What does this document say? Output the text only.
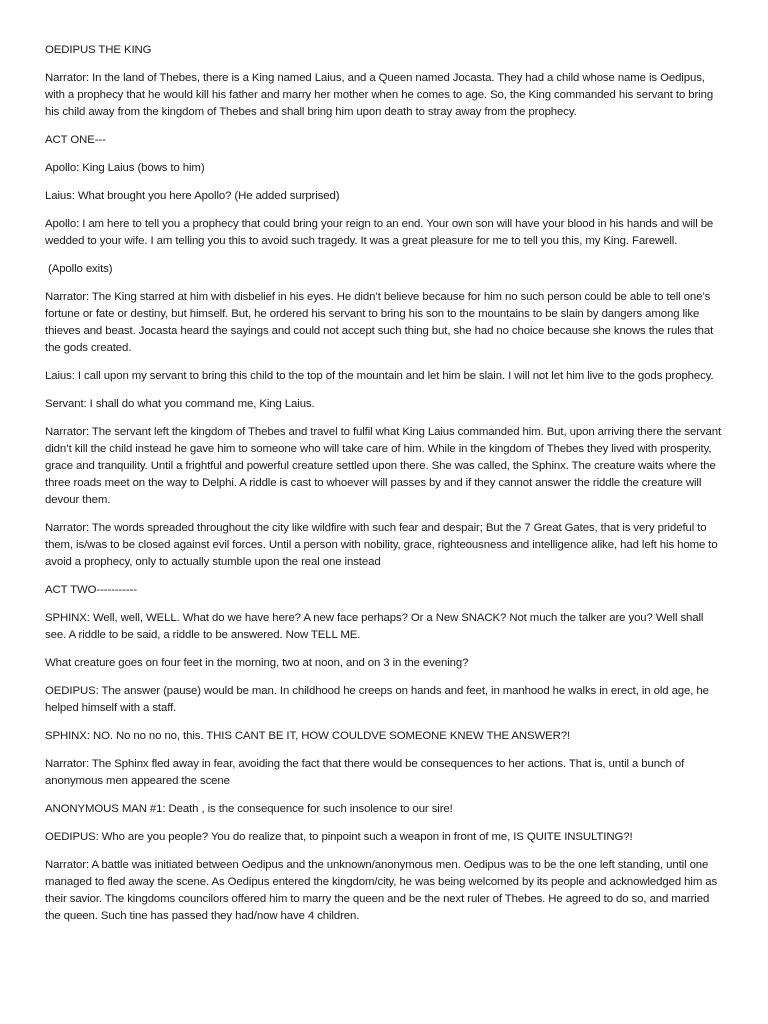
OEDIPUS THE KING

Narrator: In the land of Thebes, there is a King named Laius, and a Queen named Jocasta. They had a child whose name is Oedipus, with a prophecy that he would kill his father and marry her mother when he comes to age. So, the King commanded his servant to bring his child away from the kingdom of Thebes and shall bring him upon death to stray away from the prophecy.

ACT ONE---

Apollo: King Laius (bows to him)

Laius: What brought you here Apollo? (He added surprised)

Apollo: I am here to tell you a prophecy that could bring your reign to an end. Your own son will have your blood in his hands and will be wedded to your wife. I am telling you this to avoid such tragedy. It was a great pleasure for me to tell you this, my King. Farewell.

(Apollo exits)

Narrator: The King starred at him with disbelief in his eyes. He didn’t believe because for him no such person could be able to tell one’s fortune or fate or destiny, but himself. But, he ordered his servant to bring his son to the mountains to be slain by dangers among like thieves and beast. Jocasta heard the sayings and could not accept such thing but, she had no choice because she knows the rules that the gods created.

Laius: I call upon my servant to bring this child to the top of the mountain and let him be slain. I will not let him live to the gods prophecy.

Servant: I shall do what you command me, King Laius.

Narrator: The servant left the kingdom of Thebes and travel to fulfil what King Laius commanded him. But, upon arriving there the servant didn’t kill the child instead he gave him to someone who will take care of him. While in the kingdom of Thebes they lived with prosperity, grace and tranquility. Until a frightful and powerful creature settled upon there. She was called, the Sphinx. The creature waits where the three roads meet on the way to Delphi. A riddle is cast to whoever will passes by and if they cannot answer the riddle the creature will devour them.

Narrator: The words spreaded throughout the city like wildfire with such fear and despair; But the 7 Great Gates, that is very prideful to them, is/was to be closed against evil forces. Until a person with nobility, grace, righteousness and intelligence alike, had left his home to avoid a prophecy, only to actually stumble upon the real one instead

ACT TWO-----------

SPHINX: Well, well, WELL. What do we have here? A new face perhaps? Or a New SNACK? Not much the talker are you? Well shall see. A riddle to be said, a riddle to be answered. Now TELL ME.

What creature goes on four feet in the morning, two at noon, and on 3 in the evening?

OEDIPUS: The answer (pause) would be man. In childhood he creeps on hands and feet, in manhood he walks in erect, in old age, he helped himself with a staff.

SPHINX: NO. No no no no, this. THIS CANT BE IT, HOW COULDVE SOMEONE KNEW THE ANSWER?!

Narrator: The Sphinx fled away in fear, avoiding the fact that there would be consequences to her actions. That is, until a bunch of anonymous men appeared the scene

ANONYMOUS MAN #1: Death , is the consequence for such insolence to our sire!

OEDIPUS: Who are you people? You do realize that, to pinpoint such a weapon in front of me, IS QUITE INSULTING?!

Narrator: A battle was initiated between Oedipus and the unknown/anonymous men. Oedipus was to be the one left standing, until one managed to fled away the scene. As Oedipus entered the kingdom/city, he was being welcomed by its people and acknowledged him as their savior. The kingdoms councilors offered him to marry the queen and be the next ruler of Thebes. He agreed to do so, and married the queen. Such tine has passed they had/now have 4 children.
